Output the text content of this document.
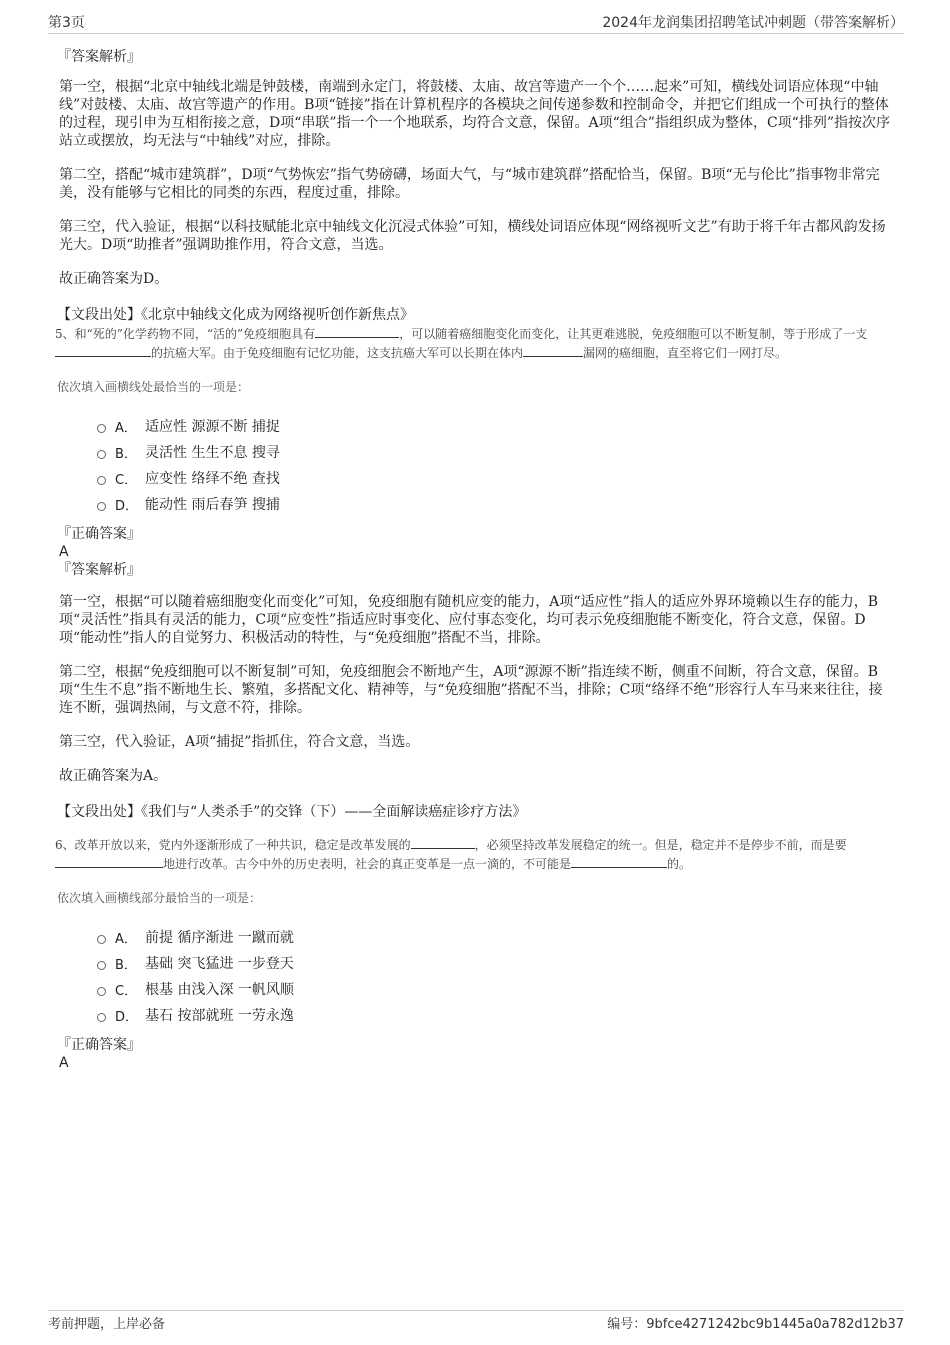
第3页	2024年龙润集团招聘笔试冲刺题（带答案解析）
『答案解析』

第一空，根据“北京中轴线北端是钟鼓楼，南端到永定门，将鼓楼、太庙、故宫等遗产一个个……起来”可知，横线处词语应体现“中轴线”对鼓楼、太庙、故宫等遗产的作用。B项“链接”指在计算机程序的各模块之间传递参数和控制命令，并把它们组成一个可执行的整体的过程，现引申为互相衔接之意，D项“串联”指一个一个地联系，均符合文意，保留。A项“组合”指组织成为整体，C项“排列”指按次序站立或摆放，均无法与“中轴线”对应，排除。

第二空，搭配“城市建筑群”，D项“气势恢宏”指气势磅礴，场面大气，与“城市建筑群”搭配恰当，保留。B项“无与伦比”指事物非常完美，没有能够与它相比的同类的东西，程度过重，排除。

第三空，代入验证，根据“以科技赋能北京中轴线文化沉浸式体验”可知，横线处词语应体现“网络视听文艺”有助于将千年古都风韵发扬光大。D项“助推者”强调助推作用，符合文意，当选。

故正确答案为D。

【文段出处】《北京中轴线文化成为网络视听创作新焦点》
5、和“死的”化学药物不同，“活的”免疫细胞具有	，可以随着癌细胞变化而变化，让其更难逃脱，免疫细胞可以不断复制，等于形成了一支的抗癌大军。由于免疫细胞有记忆功能，这支抗癌大军可以长期在体内	漏网的癌细胞，直至将它们一网打尽。
依次填入画横线处最恰当的一项是：
A． 适应性 源源不断 捕捉
B． 灵活性 生生不息 搜寻
C． 应变性 络绎不绝 查找
D． 能动性 雨后春笋 搜捕
『正确答案』
A
『答案解析』

第一空，根据“可以随着癌细胞变化而变化”可知，免疫细胞有随机应变的能力，A项“适应性”指人的适应外界环境赖以生存的能力，B项“灵活性”指具有灵活的能力，C项“应变性”指适应时事变化、应付事态变化，均可表示免疫细胞能不断变化，符合文意，保留。D项“能动性”指人的自觉努力、积极活动的特性，与“免疫细胞”搭配不当，排除。

第二空，根据“免疫细胞可以不断复制”可知，免疫细胞会不断地产生，A项“源源不断”指连续不断，侧重不间断，符合文意，保留。B项“生生不息”指不断地生长、繁殖，多搭配文化、精神等，与“免疫细胞”搭配不当，排除；C项“络绎不绝”形容行人车马来来往往，接连不断，强调热闹，与文意不符，排除。

第三空，代入验证，A项“捕捉”指抓住，符合文意，当选。

故正确答案为A。

【文段出处】《我们与“人类杀手”的交锋（下）——全面解读癌症诊疗方法》
6、改革开放以来，党内外逐渐形成了一种共识，稳定是改革发展的	，必须坚持改革发展稳定的统一。但是，稳定并不是停步不前，而是要地进行改革。古今中外的历史表明，社会的真正变革是一点一滴的，不可能是	的。
依次填入画横线部分最恰当的一项是：
A． 前提 循序渐进 一蹴而就
B． 基础 突飞猛进 一步登天
C． 根基 由浅入深 一帆风顺
D． 基石 按部就班 一劳永逸
『正确答案』
A
考前押题，上岸必备	编号：9bfce4271242bc9b1445a0a782d12b37
